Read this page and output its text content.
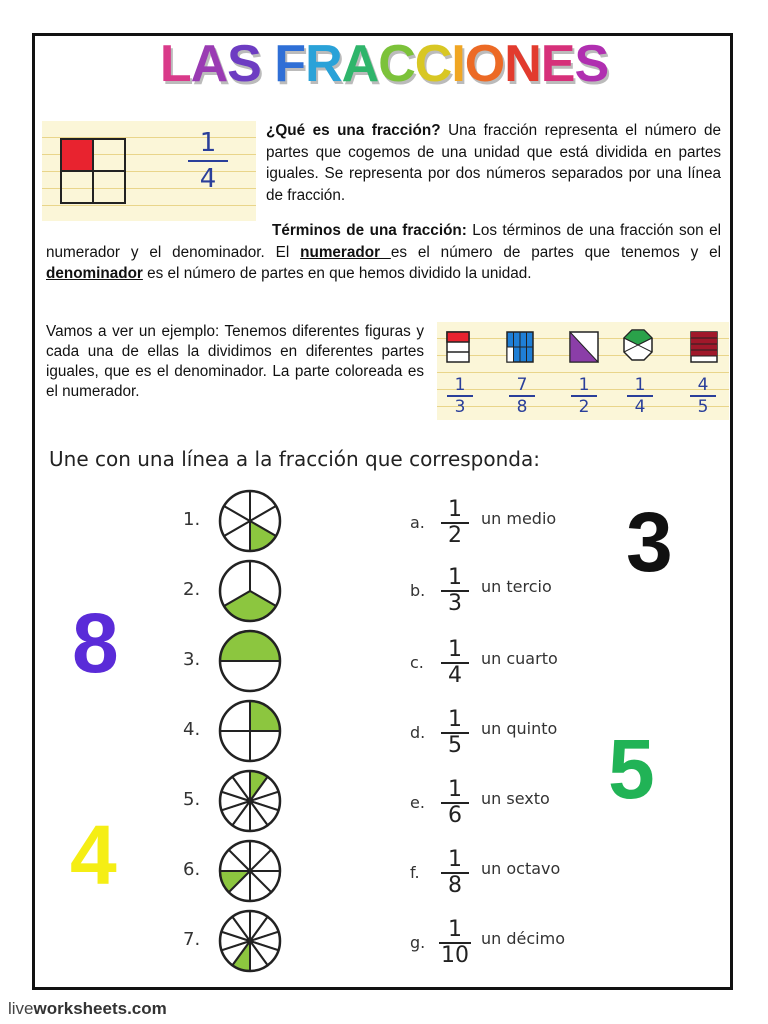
LAS FRACCIONES
1
4
¿Qué es una fracción? Una fracción representa el número de partes que cogemos de una unidad que está dividida en partes iguales. Se representa por dos números separados por una línea de fracción.
Términos de una fracción: Los términos de una fracción son el numerador y el denominador. El numerador es el número de partes que tenemos y el denominador es el número de partes en que hemos dividido la unidad.
Vamos a ver un ejemplo: Tenemos diferentes figuras y cada una de ellas la dividimos en diferentes partes iguales, que es el denominador. La parte coloreada es el numerador.	1
3
7
8
1
2
1
4
4
5
Une con una línea a la fracción que corresponda:
1.
2.
3.
4.
5.
6.
7.
a.
1
2
un medio
b.
1
3
un tercio
c.
1
4
un cuarto
d.
1
5
un quinto
e.
1
6
un sexto
f.
1
8
un octavo
g.
1
10
un décimo
8
3
4
5
liveworksheets.com
